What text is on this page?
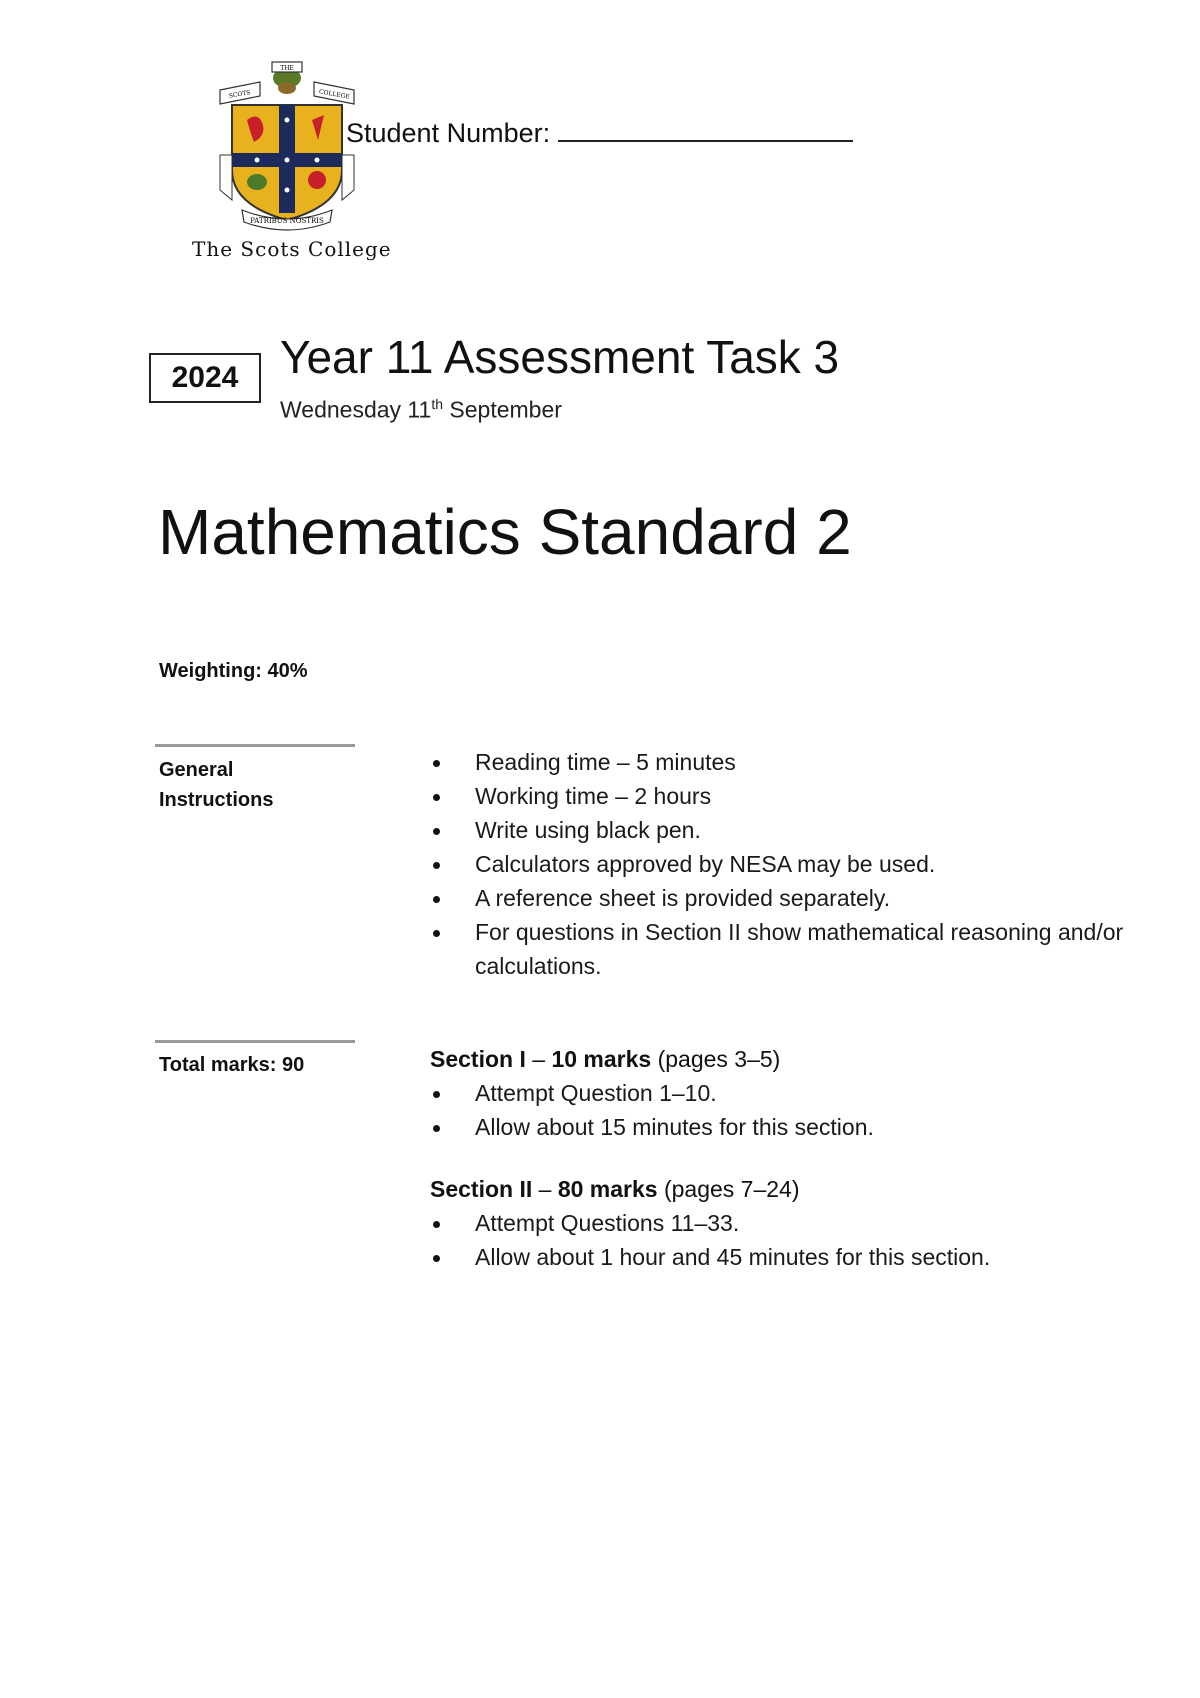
THE
SCOTS	COLLEGE
PATRIBUS NOSTRIS
The Scots College
Student Number:
2024 Year 11 Assessment Task 3
Wednesday 11th September
Mathematics Standard 2
Weighting: 40%
General
Instructions
Reading time – 5 minutes
Working time – 2 hours
Write using black pen.
Calculators approved by NESA may be used.
A reference sheet is provided separately.
For questions in Section II show mathematical reasoning and/or calculations.
Total marks: 90	Section I – 10 marks (pages 3–5)
Attempt Question 1–10.
Allow about 15 minutes for this section.
Section II – 80 marks (pages 7–24)
Attempt Questions 11–33.
Allow about 1 hour and 45 minutes for this section.
